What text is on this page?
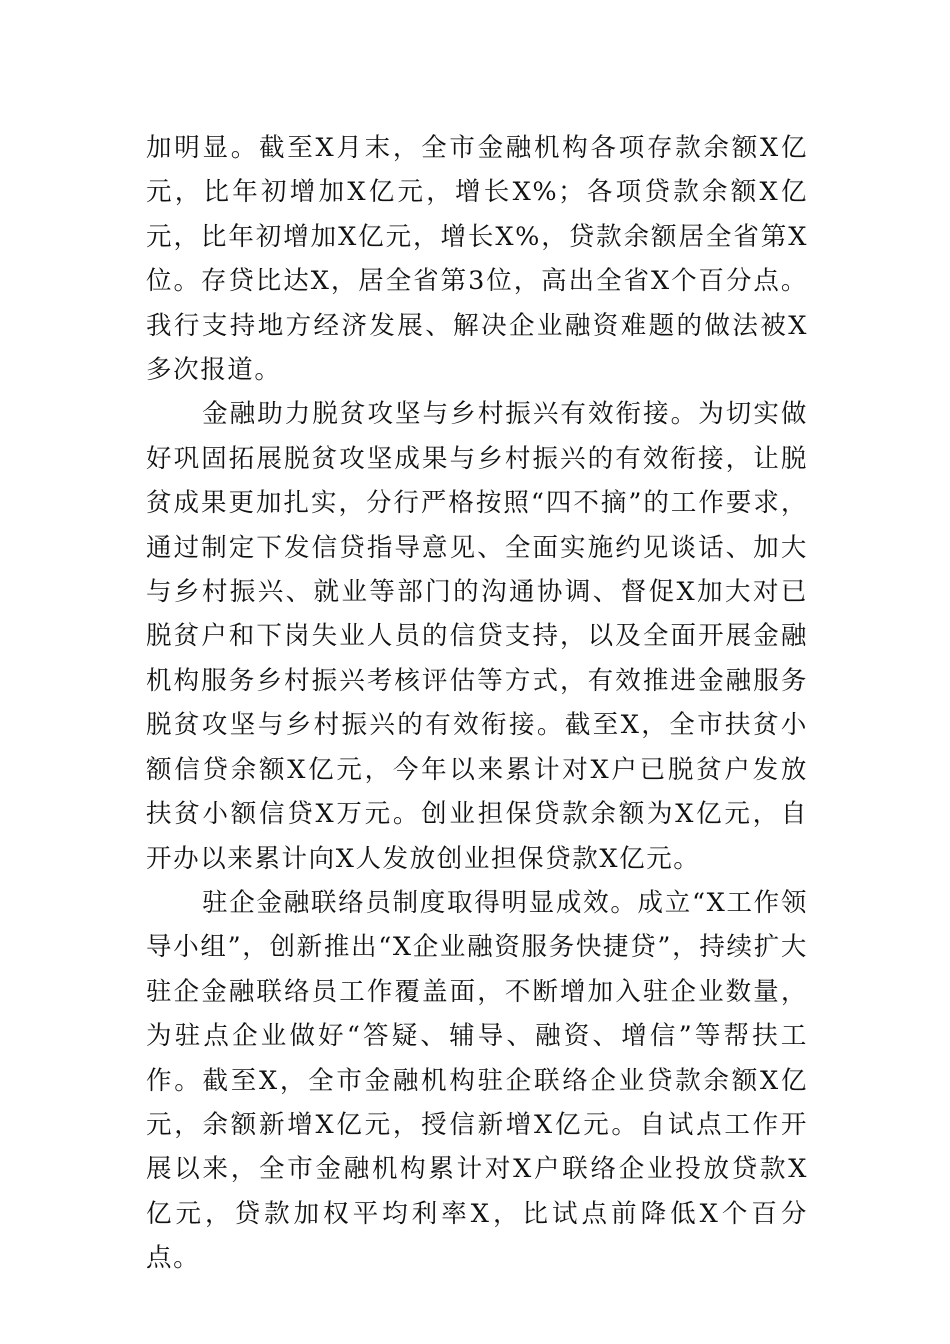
加明显。截至X月末，全市金融机构各项存款余额X亿元，比年初增加X亿元，增长X%；各项贷款余额X亿元，比年初增加X亿元，增长X%，贷款余额居全省第X位。存贷比达X，居全省第3位，高出全省X个百分点。我行支持地方经济发展、解决企业融资难题的做法被X多次报道。

金融助力脱贫攻坚与乡村振兴有效衔接。为切实做好巩固拓展脱贫攻坚成果与乡村振兴的有效衔接，让脱贫成果更加扎实，分行严格按照“四不摘”的工作要求，通过制定下发信贷指导意见、全面实施约见谈话、加大与乡村振兴、就业等部门的沟通协调、督促X加大对已脱贫户和下岗失业人员的信贷支持，以及全面开展金融机构服务乡村振兴考核评估等方式，有效推进金融服务脱贫攻坚与乡村振兴的有效衔接。截至X，全市扶贫小额信贷余额X亿元，今年以来累计对X户已脱贫户发放扶贫小额信贷X万元。创业担保贷款余额为X亿元，自开办以来累计向X人发放创业担保贷款X亿元。

驻企金融联络员制度取得明显成效。成立“X工作领导小组”，创新推出“X企业融资服务快捷贷”，持续扩大驻企金融联络员工作覆盖面，不断增加入驻企业数量，为驻点企业做好“答疑、辅导、融资、增信”等帮扶工作。截至X，全市金融机构驻企联络企业贷款余额X亿元，余额新增X亿元，授信新增X亿元。自试点工作开展以来，全市金融机构累计对X户联络企业投放贷款X亿元，贷款加权平均利率X，比试点前降低X个百分点。
